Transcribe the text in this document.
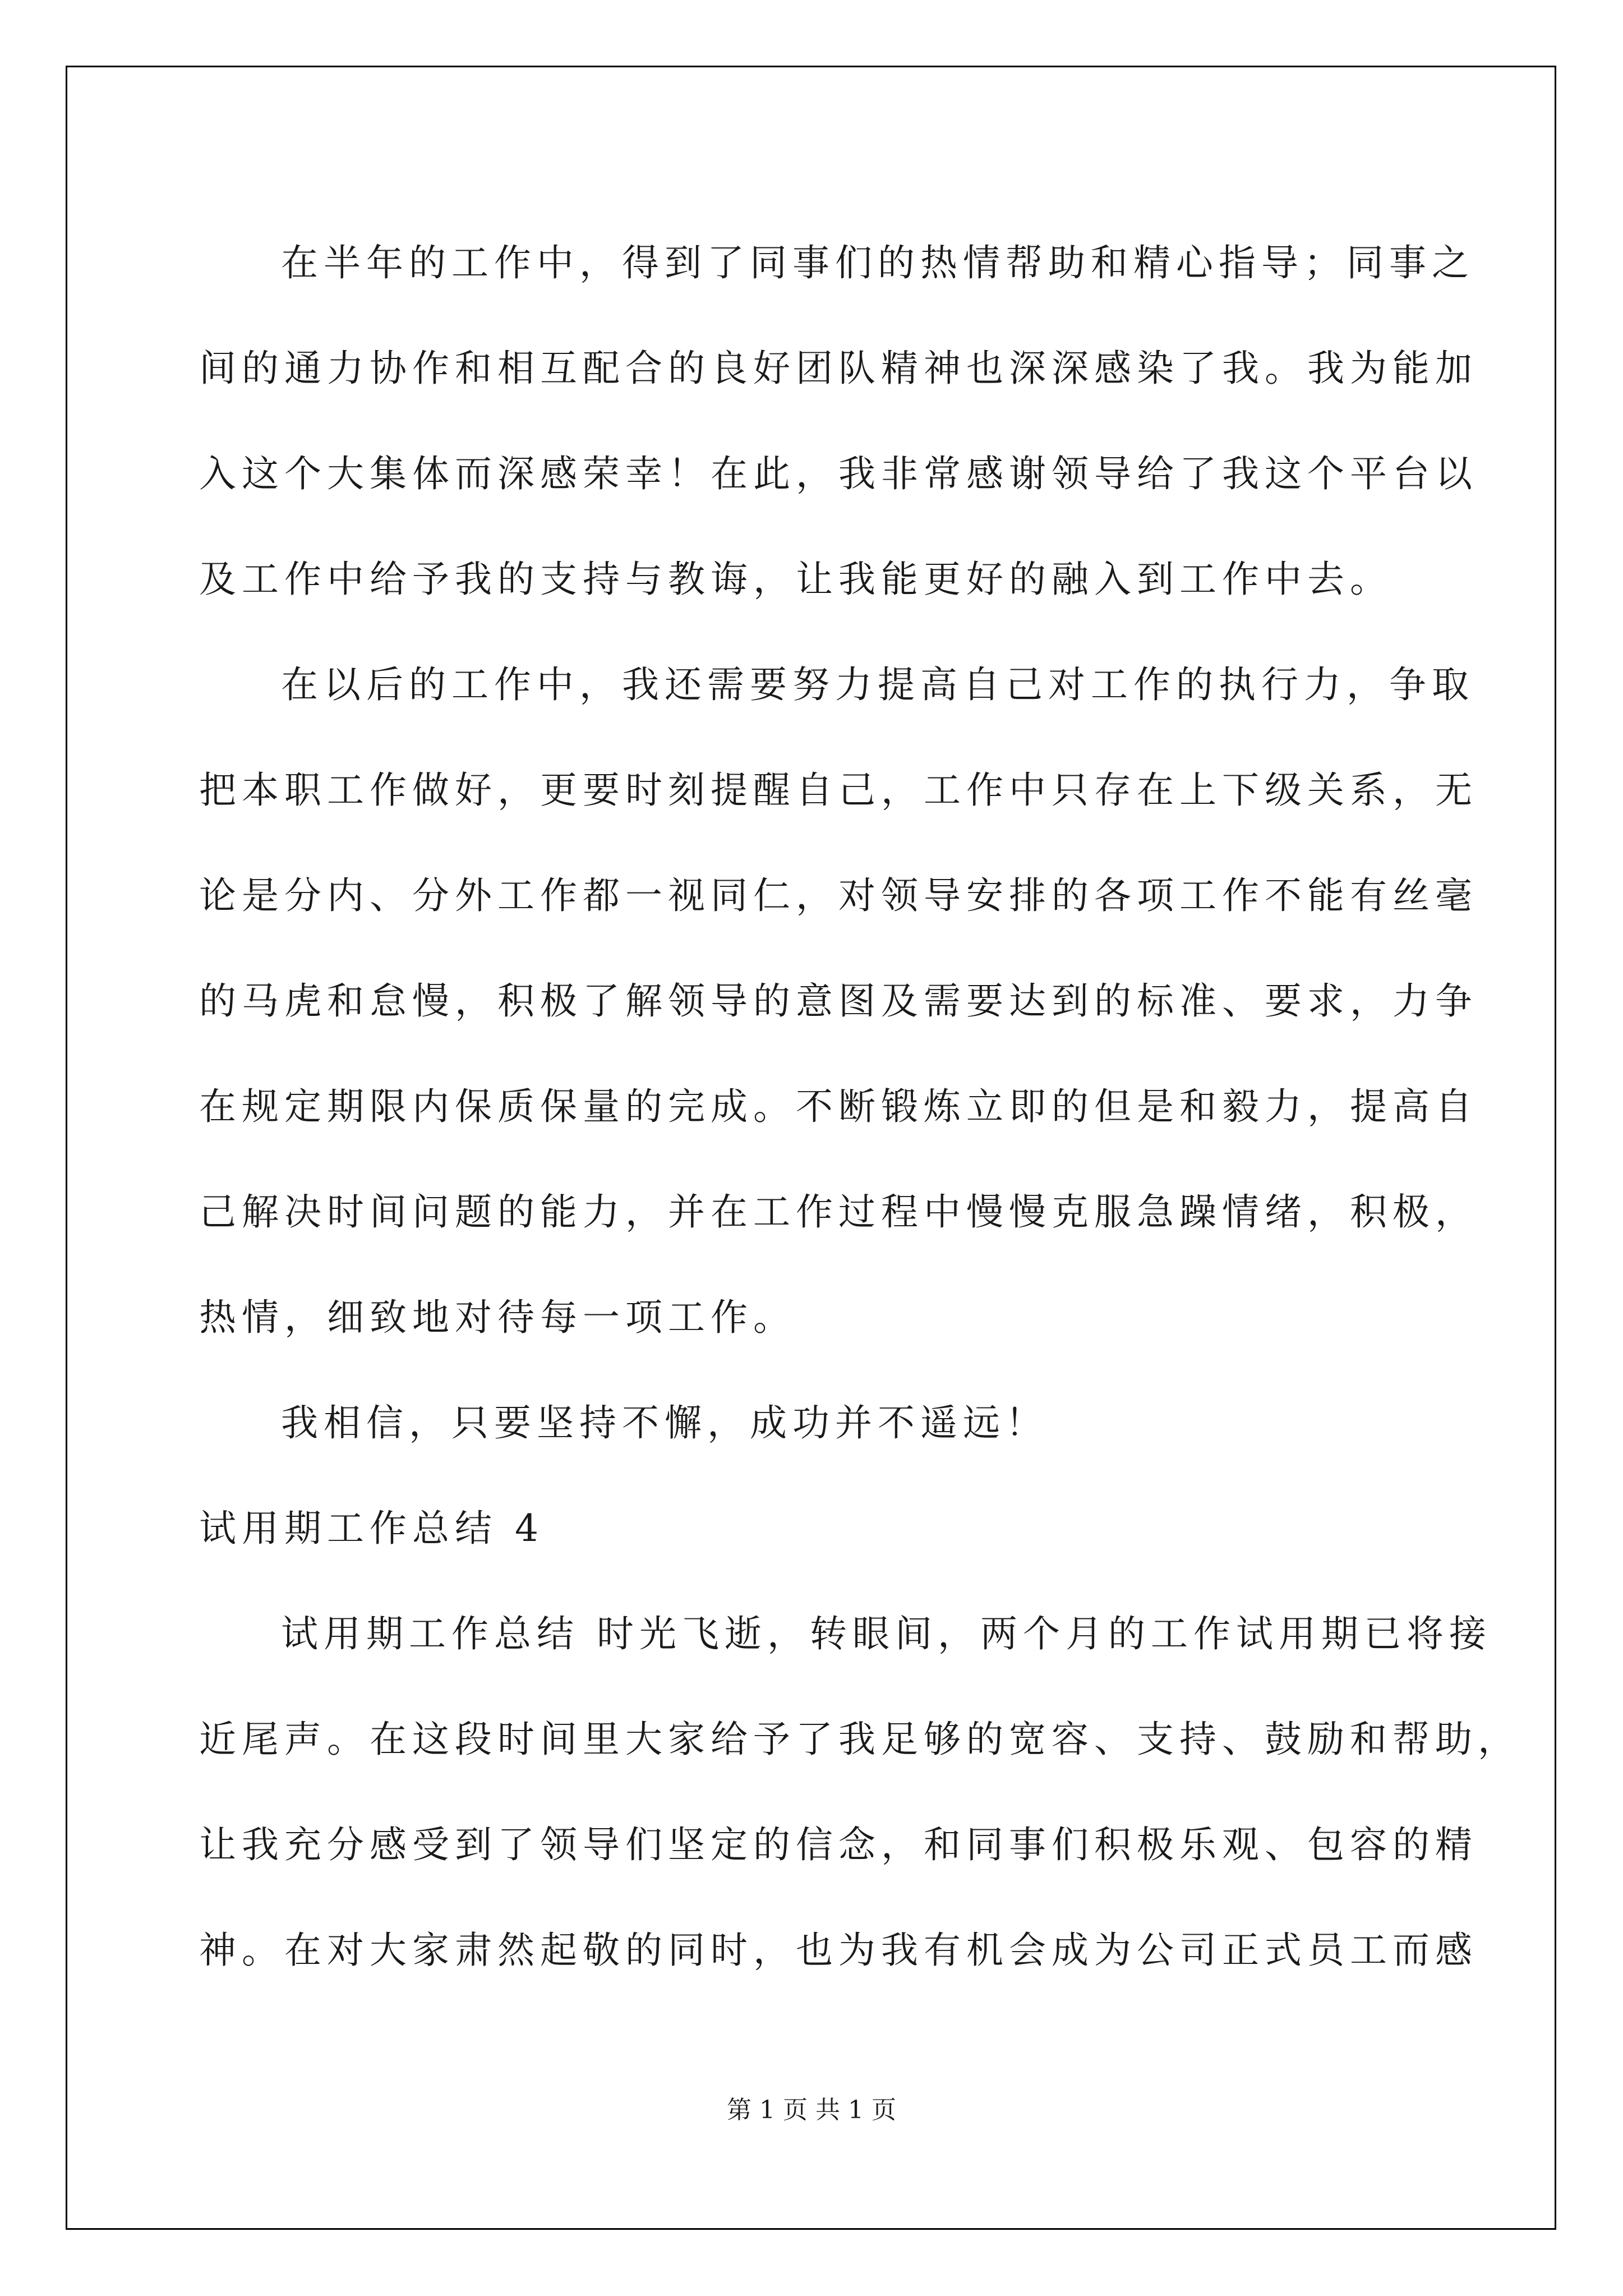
在半年的工作中，得到了同事们的热情帮助和精心指导；同事之
间的通力协作和相互配合的良好团队精神也深深感染了我。我为能加
入这个大集体而深感荣幸！在此，我非常感谢领导给了我这个平台以
及工作中给予我的支持与教诲，让我能更好的融入到工作中去。
在以后的工作中，我还需要努力提高自己对工作的执行力，争取
把本职工作做好，更要时刻提醒自己，工作中只存在上下级关系，无
论是分内、分外工作都一视同仁，对领导安排的各项工作不能有丝毫
的马虎和怠慢，积极了解领导的意图及需要达到的标准、要求，力争
在规定期限内保质保量的完成。不断锻炼立即的但是和毅力，提高自
己解决时间问题的能力，并在工作过程中慢慢克服急躁情绪，积极，
热情，细致地对待每一项工作。
我相信，只要坚持不懈，成功并不遥远！
试用期工作总结 4
试用期工作总结 时光飞逝，转眼间，两个月的工作试用期已将接
近尾声。在这段时间里大家给予了我足够的宽容、支持、鼓励和帮助，
让我充分感受到了领导们坚定的信念，和同事们积极乐观、包容的精
神。在对大家肃然起敬的同时，也为我有机会成为公司正式员工而感
第 1 页 共 1 页
